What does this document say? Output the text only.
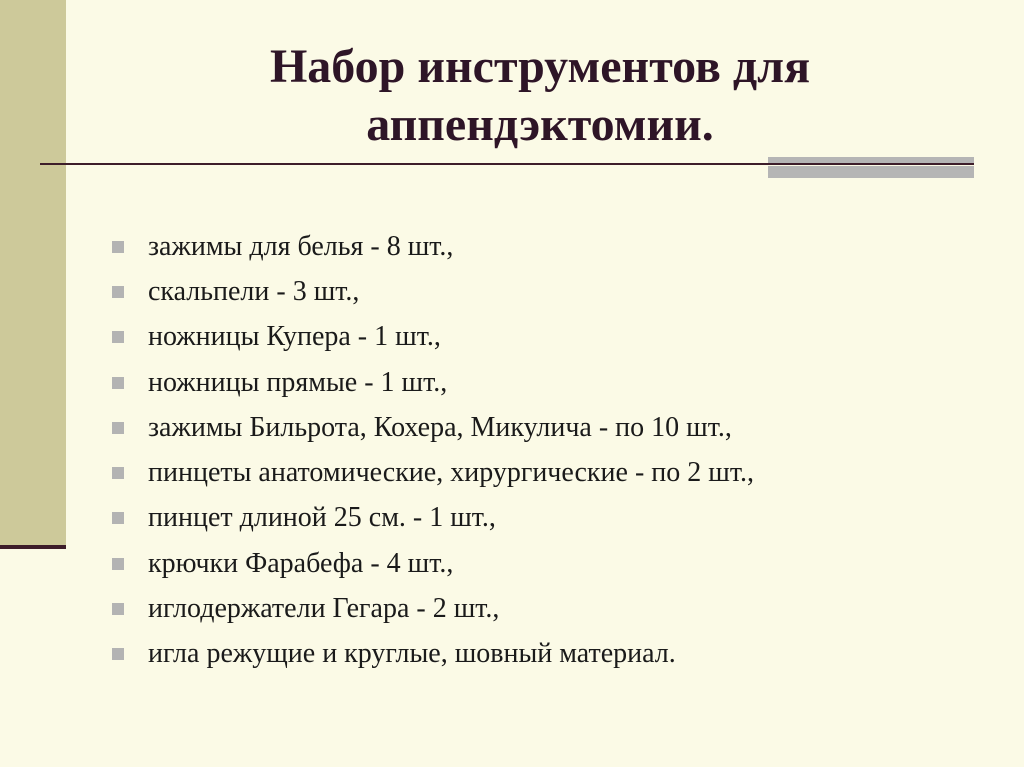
Набор инструментов для
аппендэктомии.
зажимы для белья - 8 шт.,
скальпели - 3 шт.,
ножницы Купера - 1 шт.,
ножницы прямые - 1 шт.,
зажимы Бильрота, Кохера, Микулича - по 10 шт.,
пинцеты анатомические, хирургические - по 2 шт.,
пинцет длиной 25 см. - 1 шт.,
крючки Фарабефа - 4 шт.,
иглодержатели Гегара - 2 шт.,
игла режущие и круглые, шовный материал.
